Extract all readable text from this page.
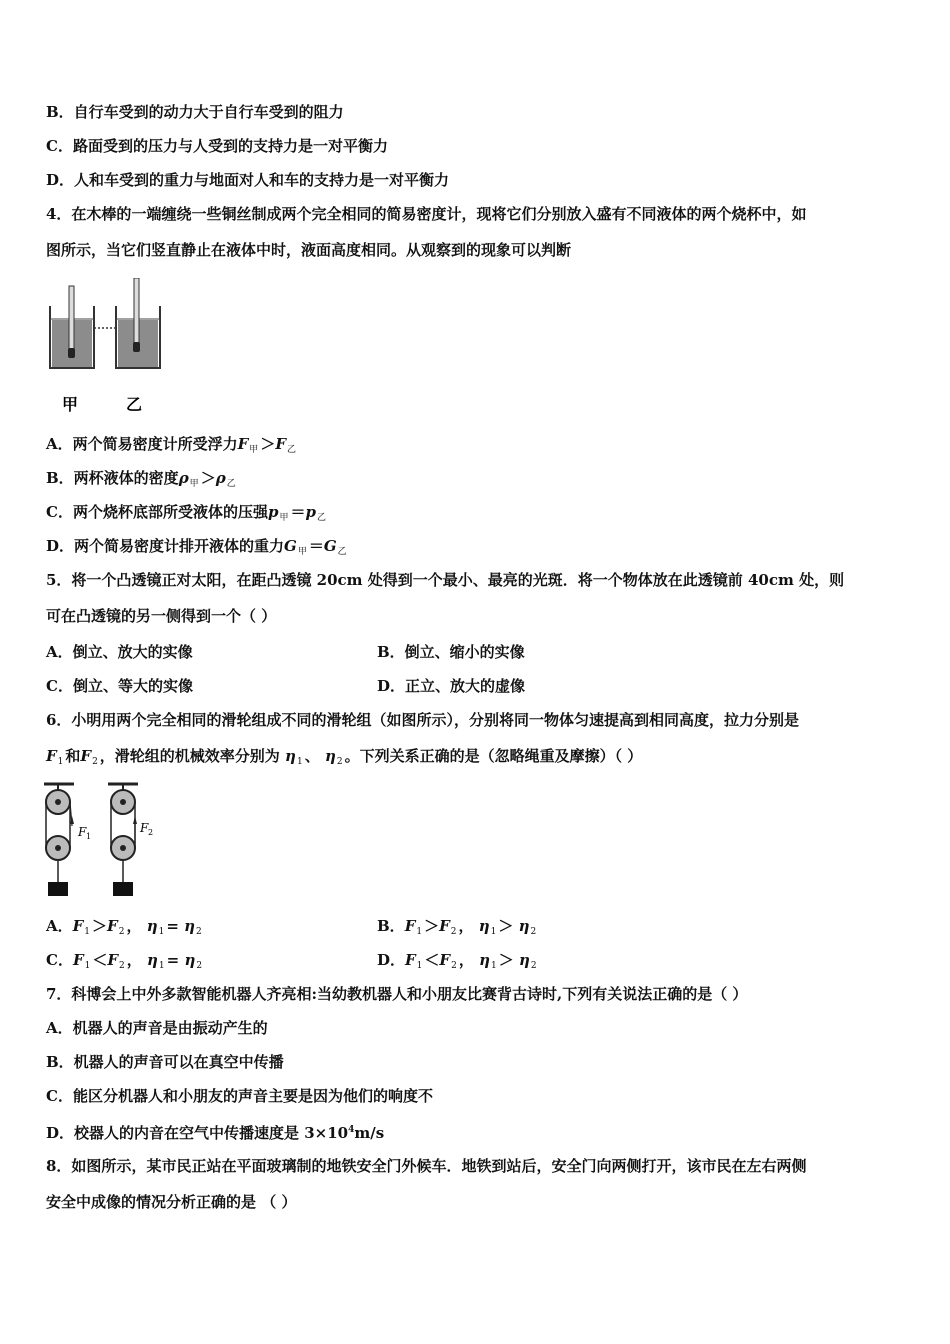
B．自行车受到的动力大于自行车受到的阻力
C．路面受到的压力与人受到的支持力是一对平衡力
D．人和车受到的重力与地面对人和车的支持力是一对平衡力
4．在木棒的一端缠绕一些铜丝制成两个完全相同的简易密度计，现将它们分别放入盛有不同液体的两个烧杯中，如
图所示，当它们竖直静止在液体中时，液面高度相同。从观察到的现象可以判断
甲	乙
A．两个简易密度计所受浮力$F_甲 >F_乙$
B．两杯液体的密度$\rho_甲 >\rho_乙$
C．两个烧杯底部所受液体的压强$p_甲 =p_乙$
D．两个简易密度计排开液体的重力$G_甲 =G_乙$
5．将一个凸透镜正对太阳，在距凸透镜 20cm 处得到一个最小、最亮的光斑．将一个物体放在此透镜前 40cm 处，则
可在凸透镜的另一侧得到一个（ ）
A．倒立、放大的实像	B．倒立、缩小的实像
C．倒立、等大的实像	D．正立、放大的虚像
6．小明用两个完全相同的滑轮组成不同的滑轮组（如图所示），分别将同一物体匀速提高到相同高度，拉力分别是
$F_1$ 和$F_2$ ，滑轮组的机械效率分别为 $\eta_1$ 、 $\eta_2$ 。下列关系正确的是（忽略绳重及摩擦）（ ）
F 1
F 2
A．$F_1 >F_2$ ， $\eta_1 = \eta_2$	B．$F_1 >F_2$ ， $\eta_1 > \eta_2$
C．$F_1 <F_2$ ， $\eta_1 = \eta_2$	D．$F_1 <F_2$ ， $\eta_1 > \eta_2$
7．科博会上中外多款智能机器人齐亮相:当幼教机器人和小朋友比赛背古诗时,下列有关说法正确的是（ ）
A．机器人的声音是由振动产生的
B．机器人的声音可以在真空中传播
C．能区分机器人和小朋友的声音主要是因为他们的响度不
D．校器人的内音在空气中传播速度是 $3\times 10^4m/s$
8．如图所示，某市民正站在平面玻璃制的地铁安全门外候车．地铁到站后，安全门向两侧打开，该市民在左右两侧
安全中成像的情况分析正确的是 （ ）
